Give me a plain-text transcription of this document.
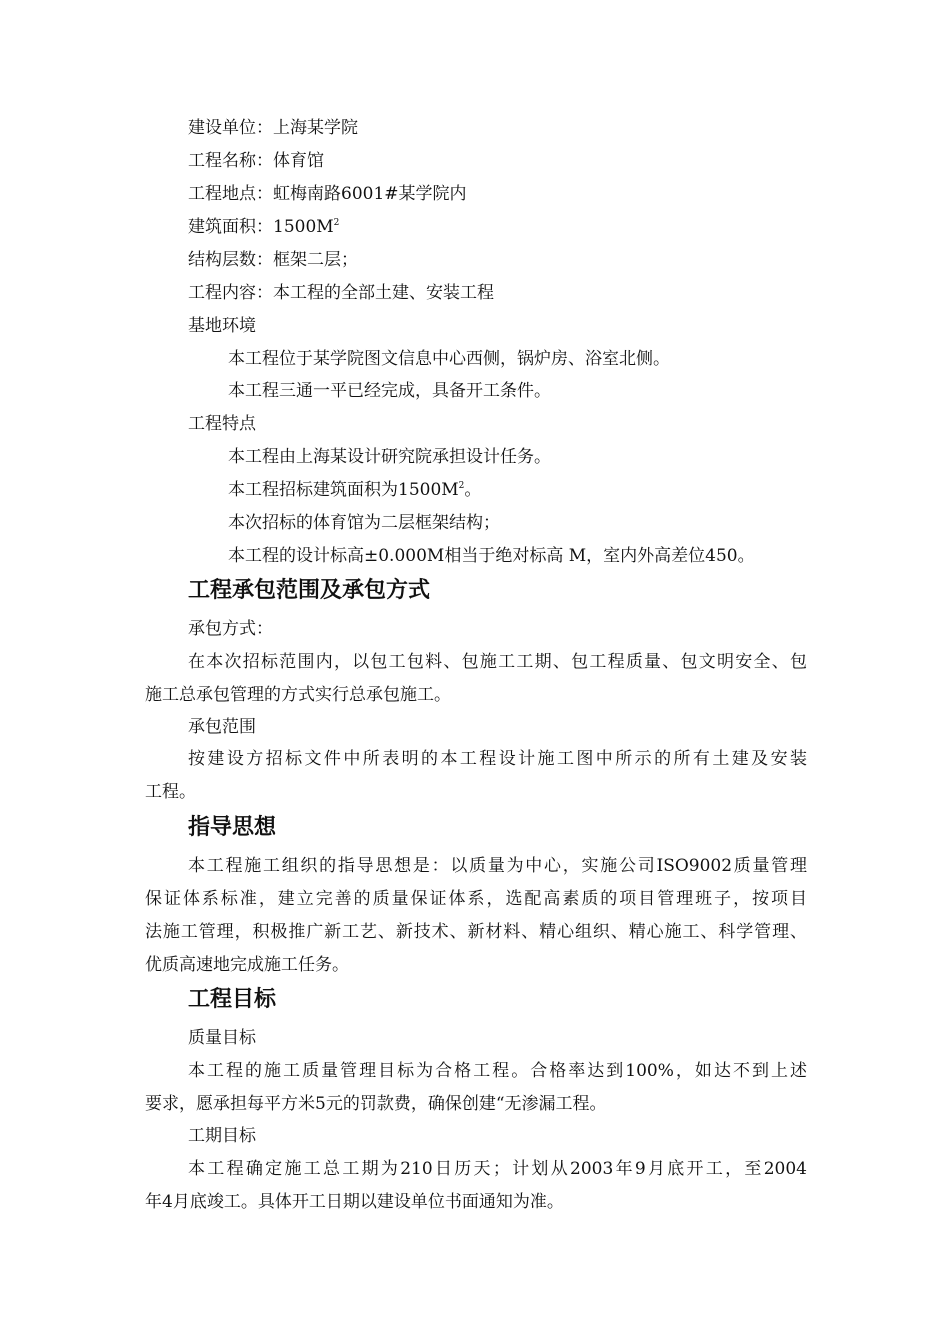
建设单位：上海某学院
工程名称：体育馆
工程地点：虹梅南路6001#某学院内
建筑面积：$1500M^2$
结构层数：框架二层；
工程内容：本工程的全部土建、安装工程
基地环境
本工程位于某学院图文信息中心西侧，锅炉房、浴室北侧。
本工程三通一平已经完成，具备开工条件。
工程特点
本工程由上海某设计研究院承担设计任务。
本工程招标建筑面积为$1500M^2$。
本次招标的体育馆为二层框架结构；
本工程的设计标高±0.000M相当于绝对标高 M，室内外高差位450。
工程承包范围及承包方式
承包方式：
在本次招标范围内，以包工包料、包施工工期、包工程质量、包文明安全、包
施工总承包管理的方式实行总承包施工。
承包范围
按建设方招标文件中所表明的本工程设计施工图中所示的所有土建及安装
工程。
指导思想
本工程施工组织的指导思想是：以质量为中心，实施公司ISO9002质量管理
保证体系标准，建立完善的质量保证体系，选配高素质的项目管理班子，按项目
法施工管理，积极推广新工艺、新技术、新材料、精心组织、精心施工、科学管理、
优质高速地完成施工任务。
工程目标
质量目标
本工程的施工质量管理目标为合格工程。合格率达到100%，如达不到上述
要求，愿承担每平方米5元的罚款费，确保创建“无渗漏工程。
工期目标
本工程确定施工总工期为210日历天；计划从2003年9月底开工，至2004
年4月底竣工。具体开工日期以建设单位书面通知为准。
